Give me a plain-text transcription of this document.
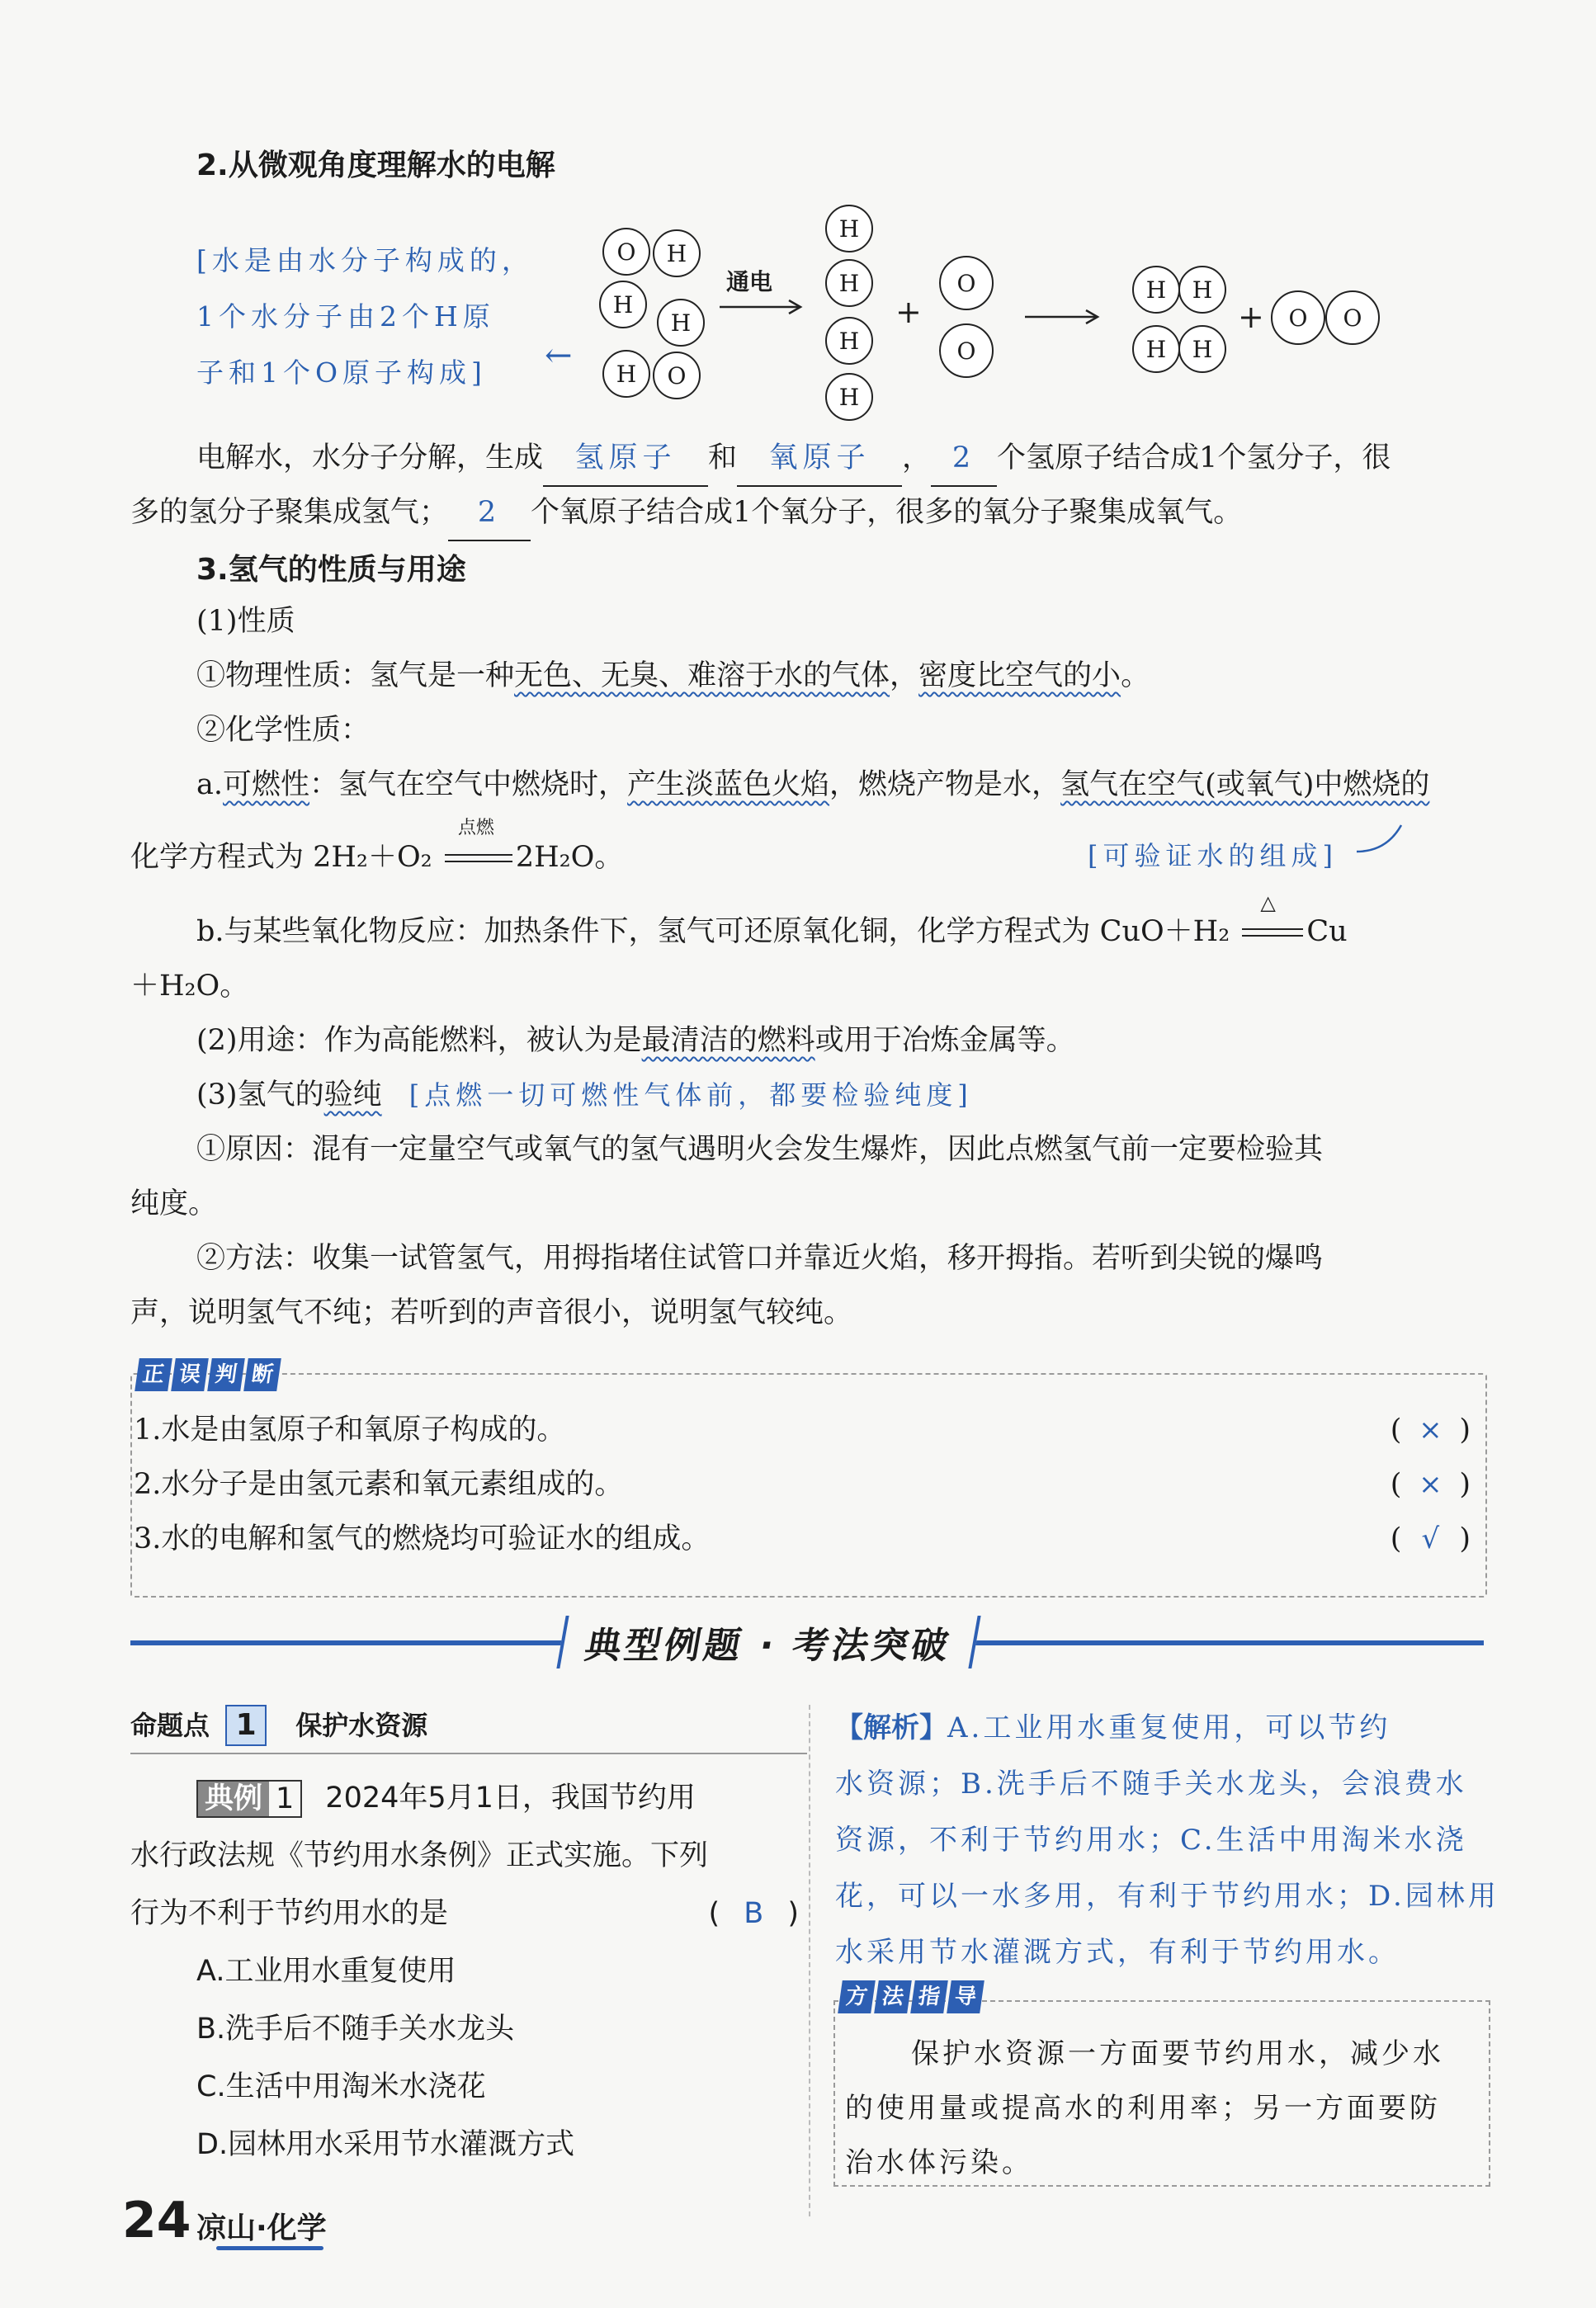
2.从微观角度理解水的电解
[水是由水分子构成的，
1个水分子由2个H原
子和1个O原子构成]	←
O	H
H
H
H	O
通电
H
H
H
H
+
O
O
H	H
H	H
+	O	O
电解水，水分子分解，生成 氢原子 和 氧原子 ， 2 个氢原子结合成1个氢分子，很
多的氢分子聚集成氢气； 2 个氧原子结合成1个氧分子，很多的氧分子聚集成氧气。
3.氢气的性质与用途
(1)性质
①物理性质：氢气是一种无色、无臭、难溶于水的气体，密度比空气的小。
②化学性质：
a.可燃性：氢气在空气中燃烧时，产生淡蓝色火焰，燃烧产物是水，氢气在空气(或氧气)中燃烧的
化学方程式为 2H₂＋O₂
点燃
2H₂O。	[可验证水的组成]
b.与某些氧化物反应：加热条件下，氢气可还原氧化铜，化学方程式为 CuO＋H₂
△
Cu
＋H₂O。
(2)用途：作为高能燃料，被认为是最清洁的燃料或用于冶炼金属等。
(3)氢气的验纯 [点燃一切可燃性气体前，都要检验纯度]
①原因：混有一定量空气或氧气的氢气遇明火会发生爆炸，因此点燃氢气前一定要检验其
纯度。
②方法：收集一试管氢气，用拇指堵住试管口并靠近火焰，移开拇指。若听到尖锐的爆鸣
声，说明氢气不纯；若听到的声音很小，说明氢气较纯。
正 误 判 断
1.水是由氢原子和氧原子构成的。	( × )
2.水分子是由氢元素和氧元素组成的。	( × )
3.水的电解和氢气的燃烧均可验证水的组成。	( √ )
典型例题 · 考法突破
命题点 1 保护水资源
典例 1 2024年5月1日，我国节约用
水行政法规《节约用水条例》正式实施。下列
行为不利于节约用水的是	( B )
A.工业用水重复使用
B.洗手后不随手关水龙头
C.生活中用淘米水浇花
D.园林用水采用节水灌溉方式
【解析】A.工业用水重复使用，可以节约
水资源；B.洗手后不随手关水龙头，会浪费水
资源，不利于节约用水；C.生活中用淘米水浇
花，可以一水多用，有利于节约用水；D.园林用
水采用节水灌溉方式，有利于节约用水。
方 法 指 导
保护水资源一方面要节约用水，减少水
的使用量或提高水的利用率；另一方面要防
治水体污染。
24 凉山·化学
